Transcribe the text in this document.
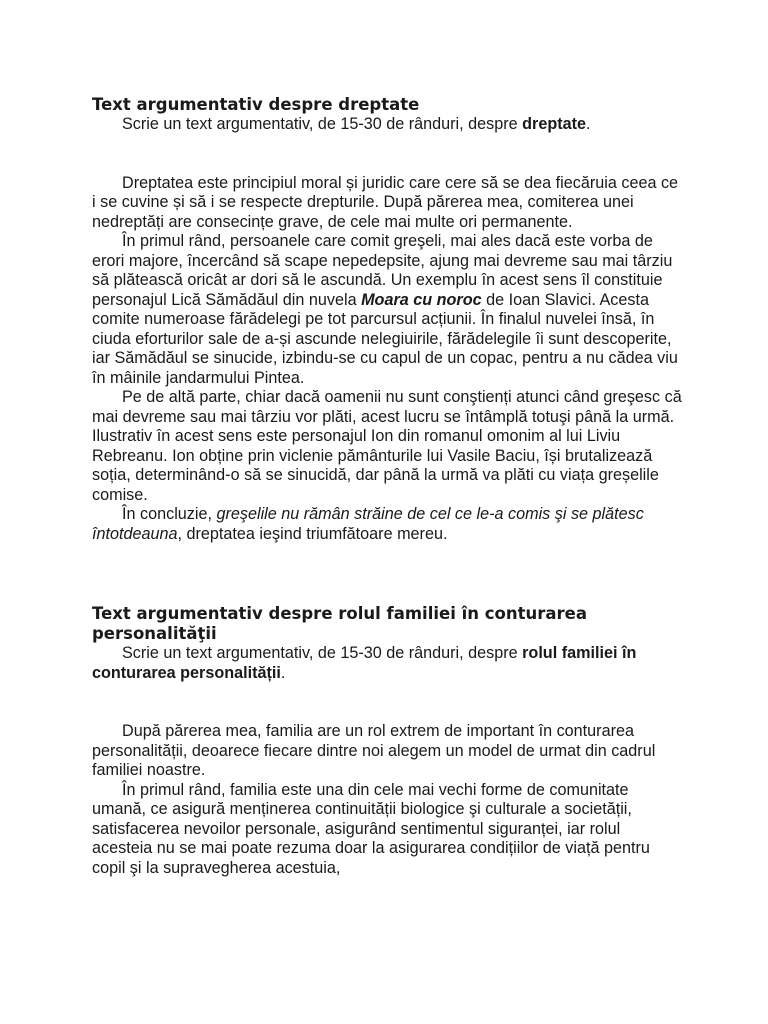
Text argumentativ despre dreptate

Scrie un text argumentativ, de 15-30 de rânduri, despre dreptate.

Dreptatea este principiul moral și juridic care cere să se dea fiecăruia ceea ce i se cuvine și să i se respecte drepturile. După părerea mea, comiterea unei nedreptăți are consecințe grave, de cele mai multe ori permanente.

În primul rând, persoanele care comit greşeli, mai ales dacă este vorba de erori majore, încercând să scape nepedepsite, ajung mai devreme sau mai târziu să plătească oricât ar dori să le ascundă. Un exemplu în acest sens îl constituie personajul Lică Sămădăul din nuvela Moara cu noroc de Ioan Slavici. Acesta comite numeroase fărădelegi pe tot parcursul acțiunii. În finalul nuvelei însă, în ciuda eforturilor sale de a-și ascunde nelegiuirile, fărădelegile îi sunt descoperite, iar Sămădăul se sinucide, izbindu-se cu capul de un copac, pentru a nu cădea viu în mâinile jandarmului Pintea.

Pe de altă parte, chiar dacă oamenii nu sunt conştienți atunci când greşesc că mai devreme sau mai târziu vor plăti, acest lucru se întâmplă totuşi până la urmă. Ilustrativ în acest sens este personajul Ion din romanul omonim al lui Liviu Rebreanu. Ion obține prin viclenie pământurile lui Vasile Baciu, își brutalizează soția, determinând-o să se sinucidă, dar până la urmă va plăti cu viața greșelile comise.

În concluzie, greşelile nu rămân străine de cel ce le-a comis şi se plătesc întotdeauna, dreptatea ieşind triumfătoare mereu.

Text argumentativ despre rolul familiei în conturarea personalităţii

Scrie un text argumentativ, de 15-30 de rânduri, despre rolul familiei în conturarea personalității.

După părerea mea, familia are un rol extrem de important în conturarea personalității, deoarece fiecare dintre noi alegem un model de urmat din cadrul familiei noastre.

În primul rând, familia este una din cele mai vechi forme de comunitate umană, ce asigură menținerea continuității biologice şi culturale a societății, satisfacerea nevoilor personale, asigurând sentimentul siguranței, iar rolul acesteia nu se mai poate rezuma doar la asigurarea condițiilor de viață pentru copil şi la supravegherea acestuia,
